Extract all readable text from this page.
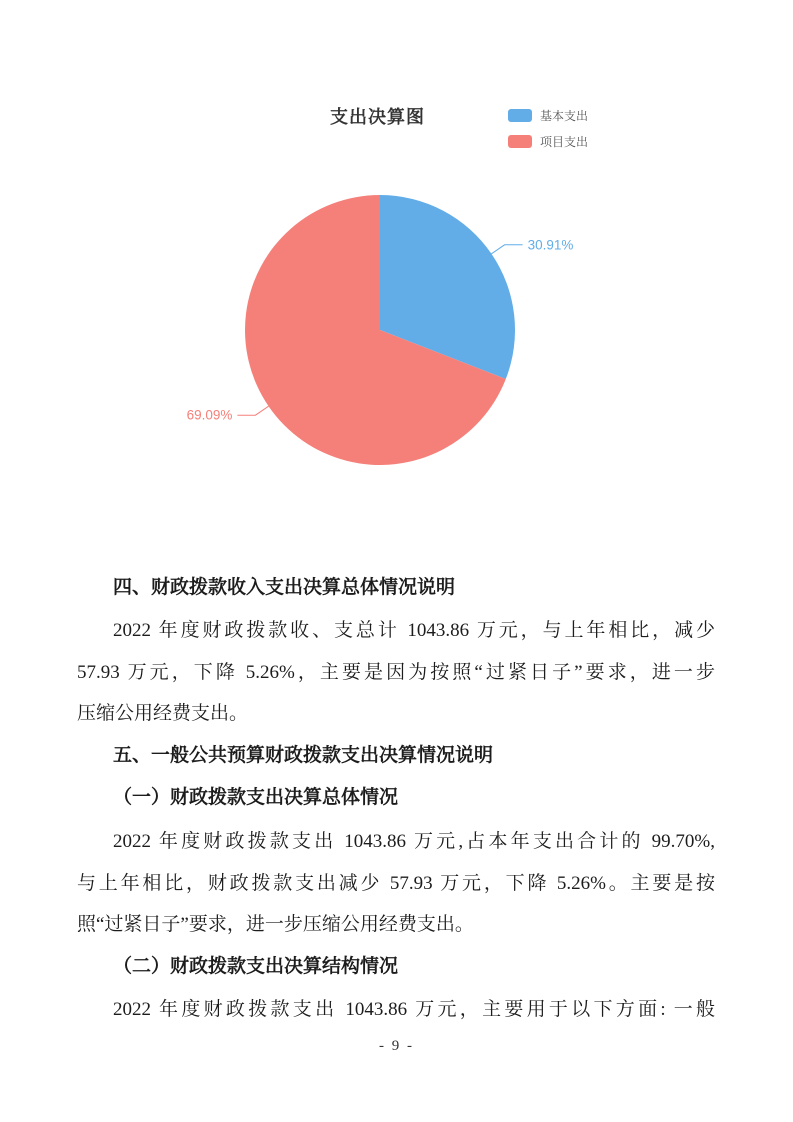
支出决算图	基本支出
项目支出
30.91%
69.09%
四、财政拨款收入支出决算总体情况说明
2022 年度财政拨款收、支总计 1043.86 万元，与上年相比，减少
57.93 万元，下降 5.26%，主要是因为按照“过紧日子”要求，进一步
压缩公用经费支出。
五、一般公共预算财政拨款支出决算情况说明
（一）财政拨款支出决算总体情况
2022 年度财政拨款支出 1043.86 万元,占本年支出合计的 99.70%,
与上年相比，财政拨款支出减少 57.93 万元，下降 5.26%。主要是按
照“过紧日子”要求，进一步压缩公用经费支出。
（二）财政拨款支出决算结构情况
2022 年度财政拨款支出 1043.86 万元，主要用于以下方面: 一般
- 9 -
